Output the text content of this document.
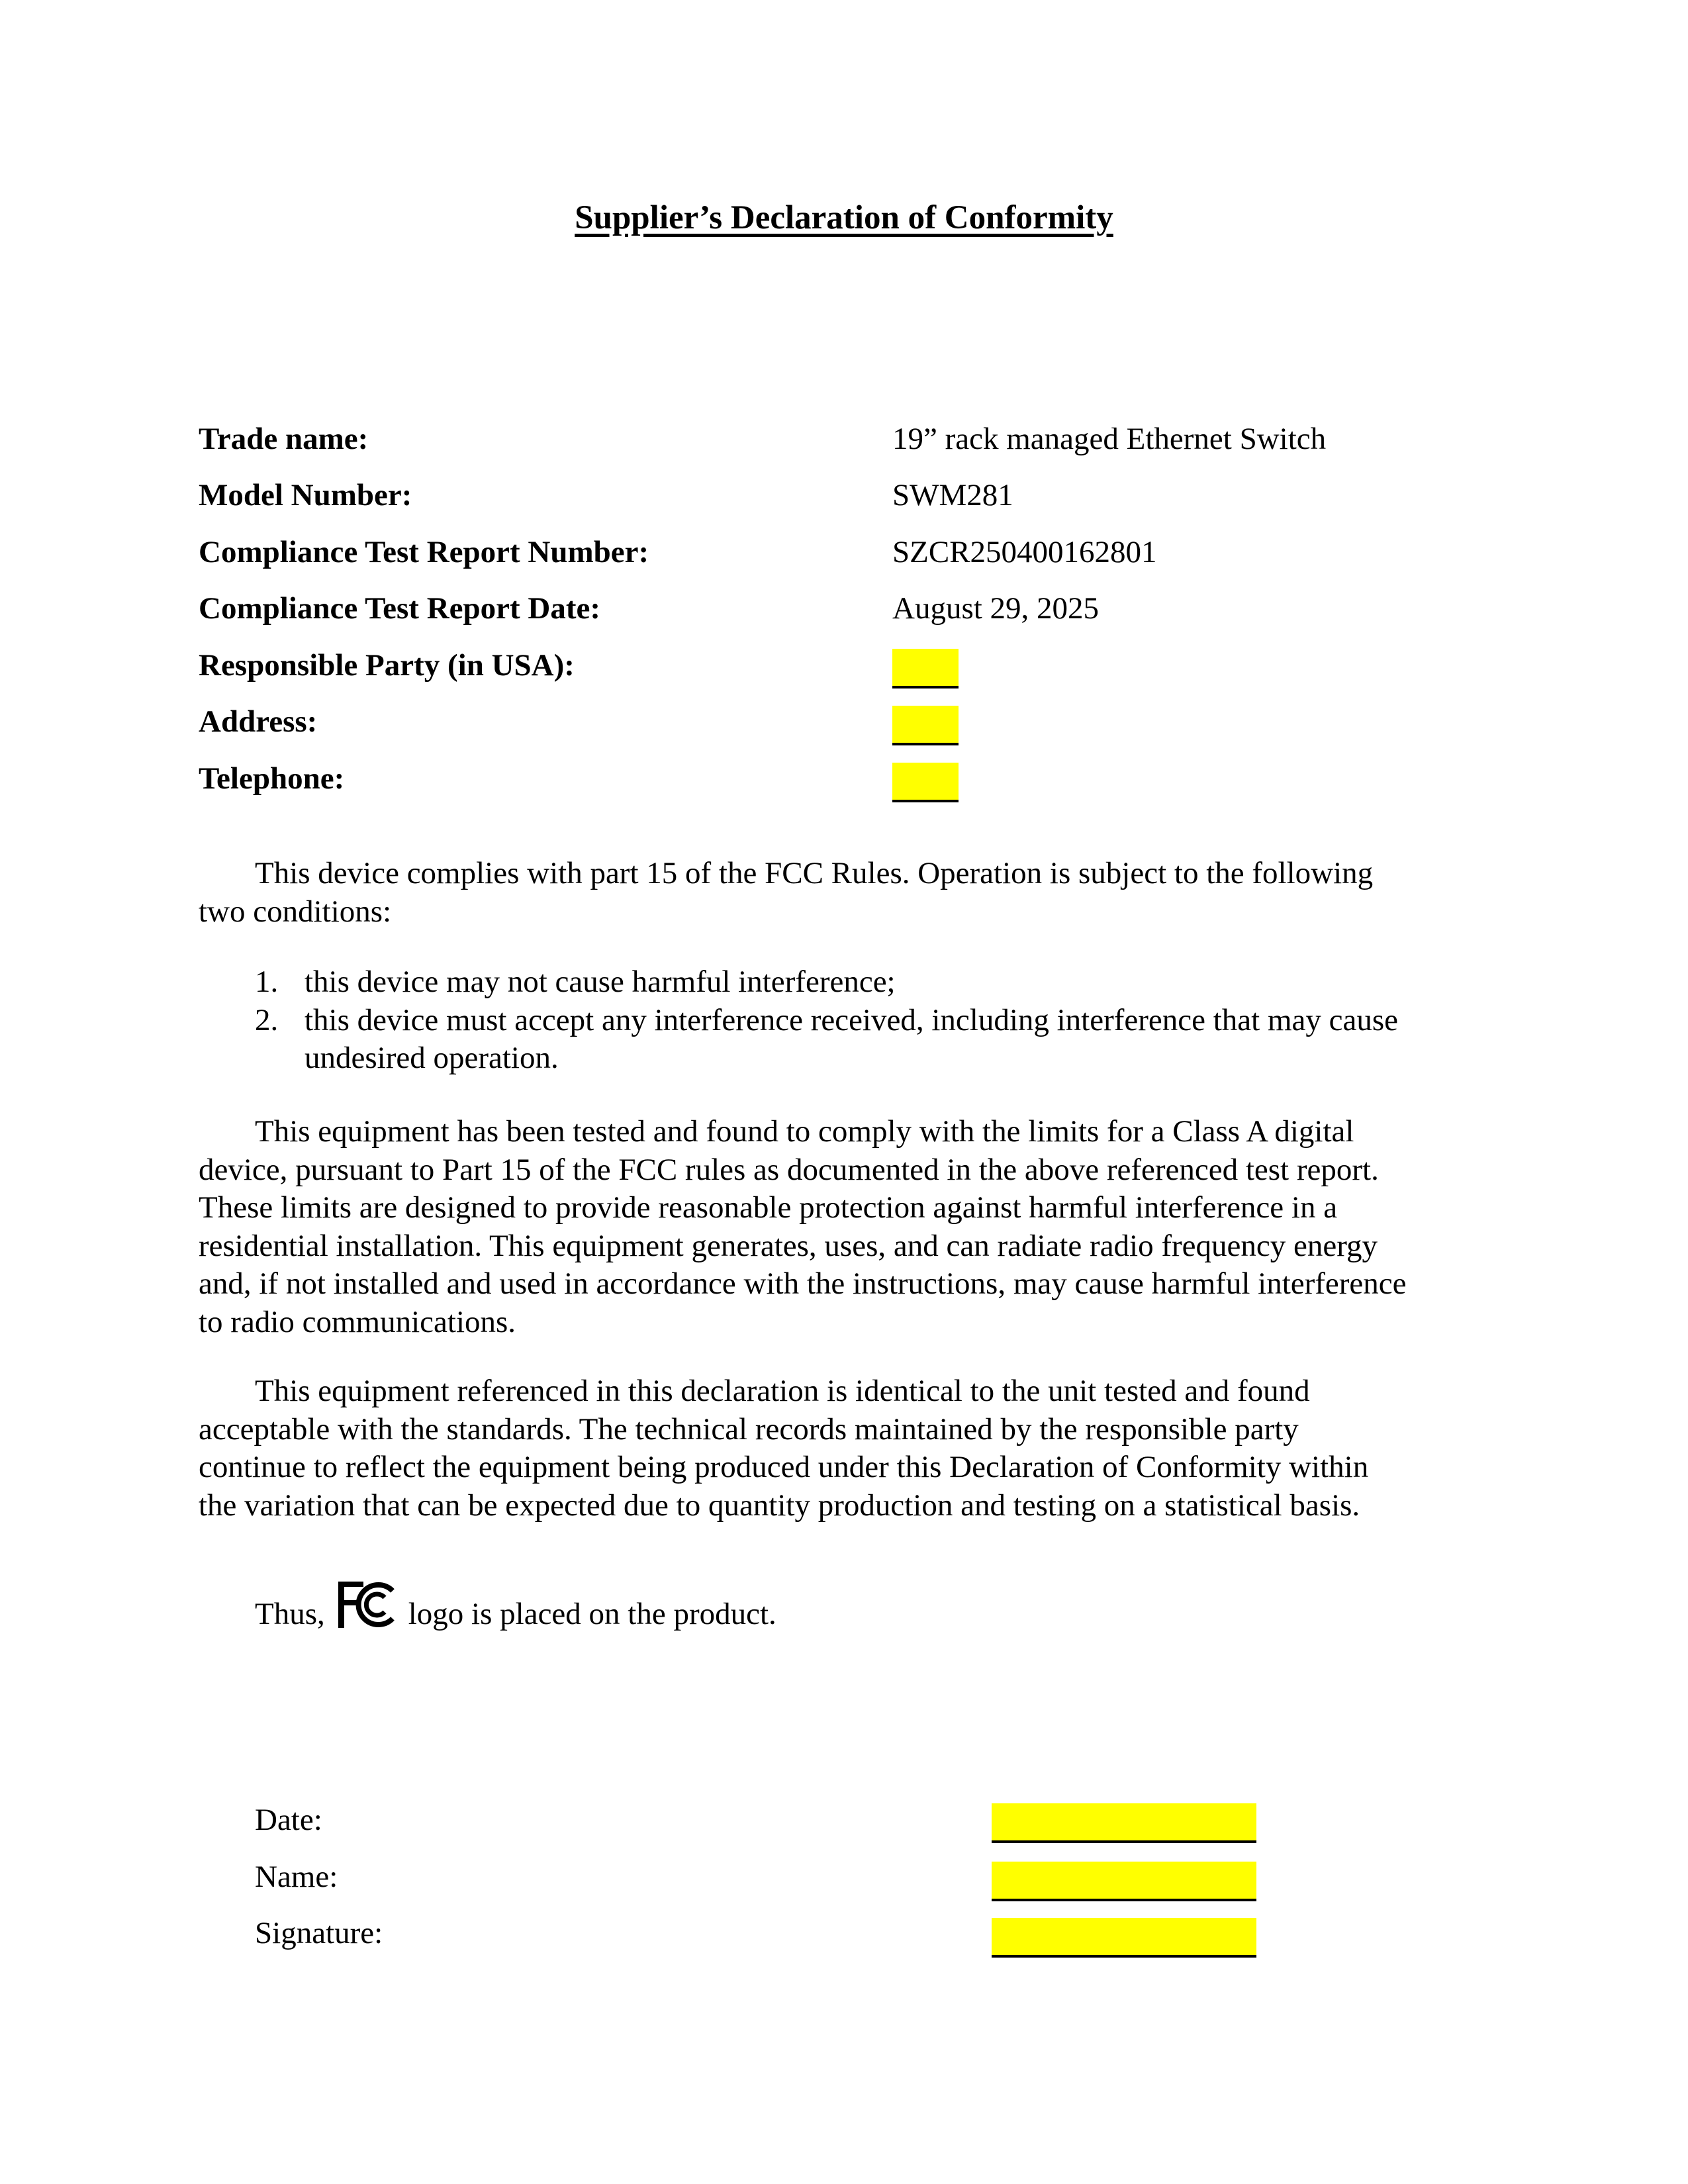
Supplier’s Declaration of Conformity
Trade name:	19” rack managed Ethernet Switch
Model Number:	SWM281
Compliance Test Report Number:	SZCR250400162801
Compliance Test Report Date:	August 29, 2025
Responsible Party (in USA):
Address:
Telephone:
This device complies with part 15 of the FCC Rules. Operation is subject to the following
two conditions:
1. this device may not cause harmful interference;
2. this device must accept any interference received, including interference that may cause
undesired operation.
This equipment has been tested and found to comply with the limits for a Class A digital
device, pursuant to Part 15 of the FCC rules as documented in the above referenced test report.
These limits are designed to provide reasonable protection against harmful interference in a
residential installation. This equipment generates, uses, and can radiate radio frequency energy
and, if not installed and used in accordance with the instructions, may cause harmful interference
to radio communications.
This equipment referenced in this declaration is identical to the unit tested and found
acceptable with the standards. The technical records maintained by the responsible party
continue to reflect the equipment being produced under this Declaration of Conformity within
the variation that can be expected due to quantity production and testing on a statistical basis.
Thus,	logo is placed on the product.
Date:
Name:
Signature:
